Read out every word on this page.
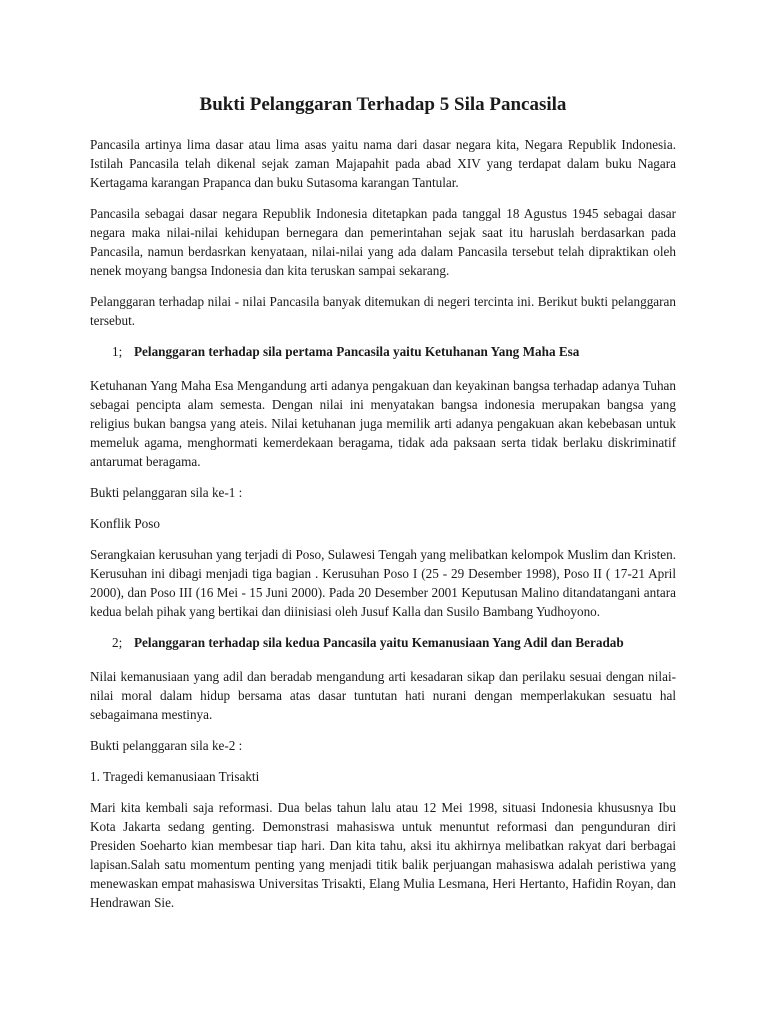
Bukti Pelanggaran Terhadap 5 Sila Pancasila

Pancasila artinya lima dasar atau lima asas yaitu nama dari dasar negara kita, Negara Republik Indonesia. Istilah Pancasila telah dikenal sejak zaman Majapahit pada abad XIV yang terdapat dalam buku Nagara Kertagama karangan Prapanca dan buku Sutasoma karangan Tantular.

Pancasila sebagai dasar negara Republik Indonesia ditetapkan pada tanggal 18 Agustus 1945 sebagai dasar negara maka nilai-nilai kehidupan bernegara dan pemerintahan sejak saat itu haruslah berdasarkan pada Pancasila, namun berdasrkan kenyataan, nilai-nilai yang ada dalam Pancasila tersebut telah dipraktikan oleh nenek moyang bangsa Indonesia dan kita teruskan sampai sekarang.

Pelanggaran terhadap nilai - nilai Pancasila banyak ditemukan di negeri tercinta ini. Berikut bukti pelanggaran tersebut.

1; Pelanggaran terhadap sila pertama Pancasila yaitu Ketuhanan Yang Maha Esa

Ketuhanan Yang Maha Esa Mengandung arti adanya pengakuan dan keyakinan bangsa terhadap adanya Tuhan sebagai pencipta alam semesta. Dengan nilai ini menyatakan bangsa indonesia merupakan bangsa yang religius bukan bangsa yang ateis. Nilai ketuhanan juga memilik arti adanya pengakuan akan kebebasan untuk memeluk agama, menghormati kemerdekaan beragama, tidak ada paksaan serta tidak berlaku diskriminatif antarumat beragama.

Bukti pelanggaran sila ke-1 :

Konflik Poso

Serangkaian kerusuhan yang terjadi di Poso, Sulawesi Tengah yang melibatkan kelompok Muslim dan Kristen. Kerusuhan ini dibagi menjadi tiga bagian . Kerusuhan Poso I (25 - 29 Desember 1998), Poso II ( 17-21 April 2000), dan Poso III (16 Mei - 15 Juni 2000). Pada 20 Desember 2001 Keputusan Malino ditandatangani antara kedua belah pihak yang bertikai dan diinisiasi oleh Jusuf Kalla dan Susilo Bambang Yudhoyono.

2; Pelanggaran terhadap sila kedua Pancasila yaitu Kemanusiaan Yang Adil dan Beradab

Nilai kemanusiaan yang adil dan beradab mengandung arti kesadaran sikap dan perilaku sesuai dengan nilai-nilai moral dalam hidup bersama atas dasar tuntutan hati nurani dengan memperlakukan sesuatu hal sebagaimana mestinya.

Bukti pelanggaran sila ke-2 :

1. Tragedi kemanusiaan Trisakti

Mari kita kembali saja reformasi. Dua belas tahun lalu atau 12 Mei 1998, situasi Indonesia khususnya Ibu Kota Jakarta sedang genting. Demonstrasi mahasiswa untuk menuntut reformasi dan pengunduran diri Presiden Soeharto kian membesar tiap hari. Dan kita tahu, aksi itu akhirnya melibatkan rakyat dari berbagai lapisan.Salah satu momentum penting yang menjadi titik balik perjuangan mahasiswa adalah peristiwa yang menewaskan empat mahasiswa Universitas Trisakti, Elang Mulia Lesmana, Heri Hertanto, Hafidin Royan, dan Hendrawan Sie.
